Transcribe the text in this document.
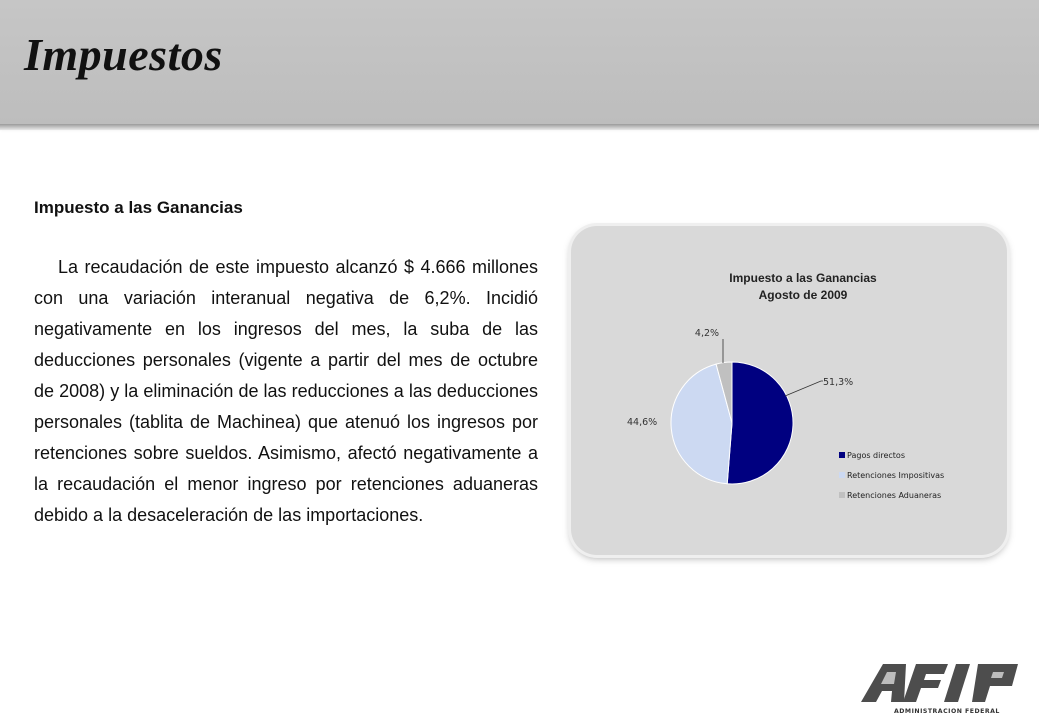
Impuestos
Impuesto a las Ganancias

La recaudación de este impuesto alcanzó $ 4.666 millones con una variación interanual negativa de 6,2%. Incidió negativamente en los ingresos del mes, la suba de las deducciones personales (vigente a partir del mes de octubre de 2008) y la eliminación de las reducciones a las deducciones personales (tablita de Machinea) que atenuó los ingresos por retenciones sobre sueldos. Asimismo, afectó negativamente a la recaudación el menor ingreso por retenciones aduaneras debido a la desaceleración de las importaciones.

Impuesto a las Ganancias
Agosto de 2009
51,3%
44,6%
4,2%
Pagos directos
Retenciones Impositivas
Retenciones Aduaneras
ADMINISTRACION FEDERAL
